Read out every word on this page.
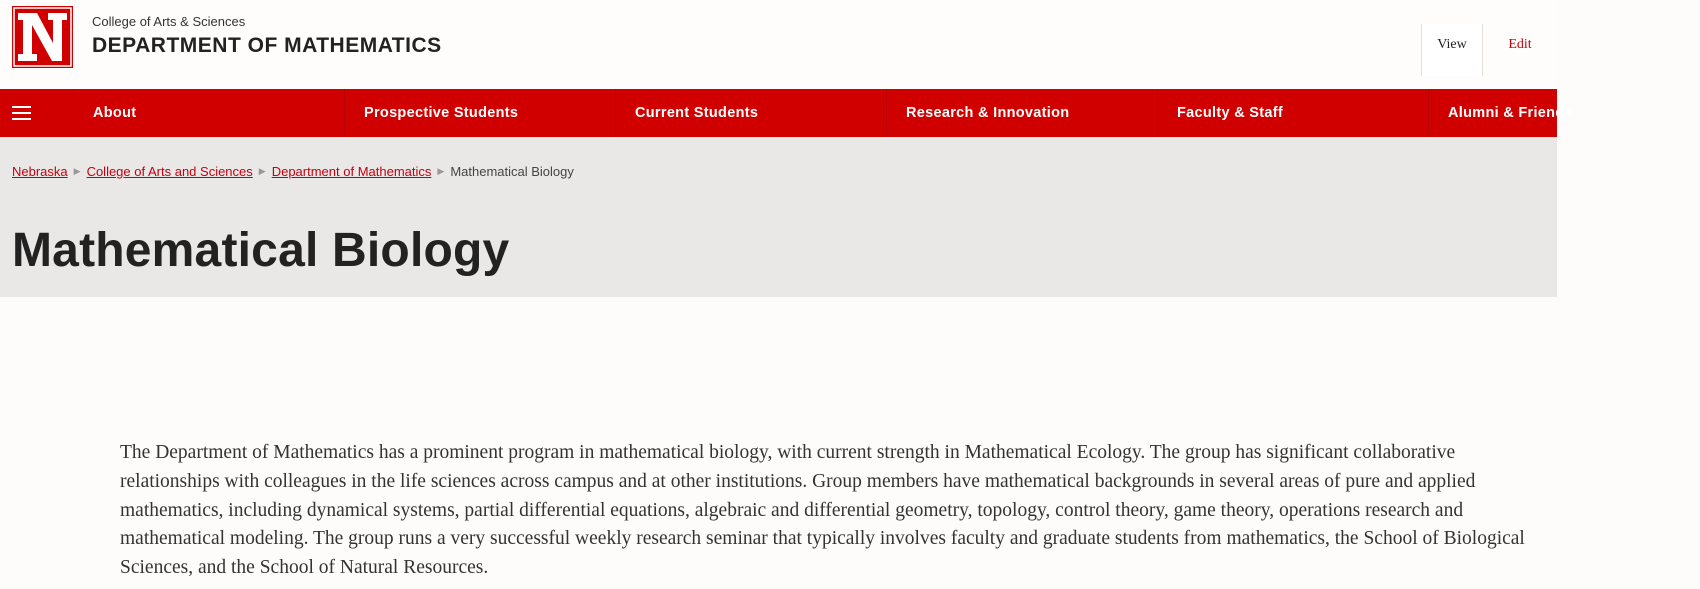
College of Arts & Sciences
DEPARTMENT OF MATHEMATICS	View	Edit
About	Prospective Students	Current Students	Research & Innovation	Faculty & Staff	Alumni & Friends
Nebraska ▶ College of Arts and Sciences ▶ Department of Mathematics ▶ Mathematical Biology
Mathematical Biology

The Department of Mathematics has a prominent program in mathematical biology, with current strength in Mathematical Ecology. The group has significant collaborative relationships with colleagues in the life sciences across campus and at other institutions. Group members have mathematical backgrounds in several areas of pure and applied mathematics, including dynamical systems, partial differential equations, algebraic and differential geometry, topology, control theory, game theory, operations research and mathematical modeling. The group runs a very successful weekly research seminar that typically involves faculty and graduate students from mathematics, the School of Biological Sciences, and the School of Natural Resources.
